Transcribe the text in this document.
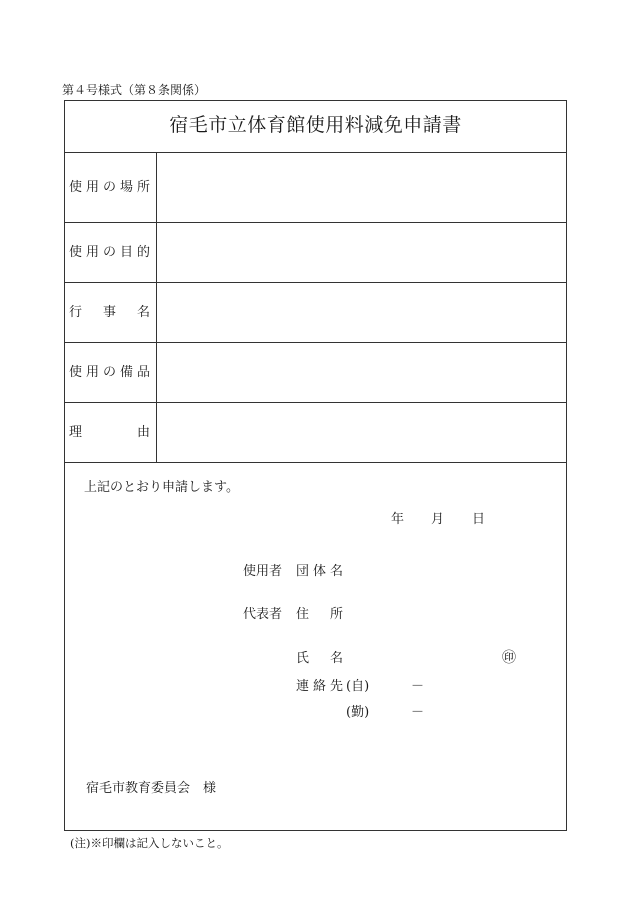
第４号様式（第８条関係）
宿毛市立体育館使用料減免申請書
使 用 の 場 所
使 用 の 目 的
行 事 名
使 用 の 備 品
理	由
上記のとおり申請します。
年 月 日
使用者 団 体 名
代表者 住 所
氏 名	㊞
連 絡 先 (自)	－
(勤)	－
宿毛市教育委員会　様
(注)※印欄は記入しないこと。
